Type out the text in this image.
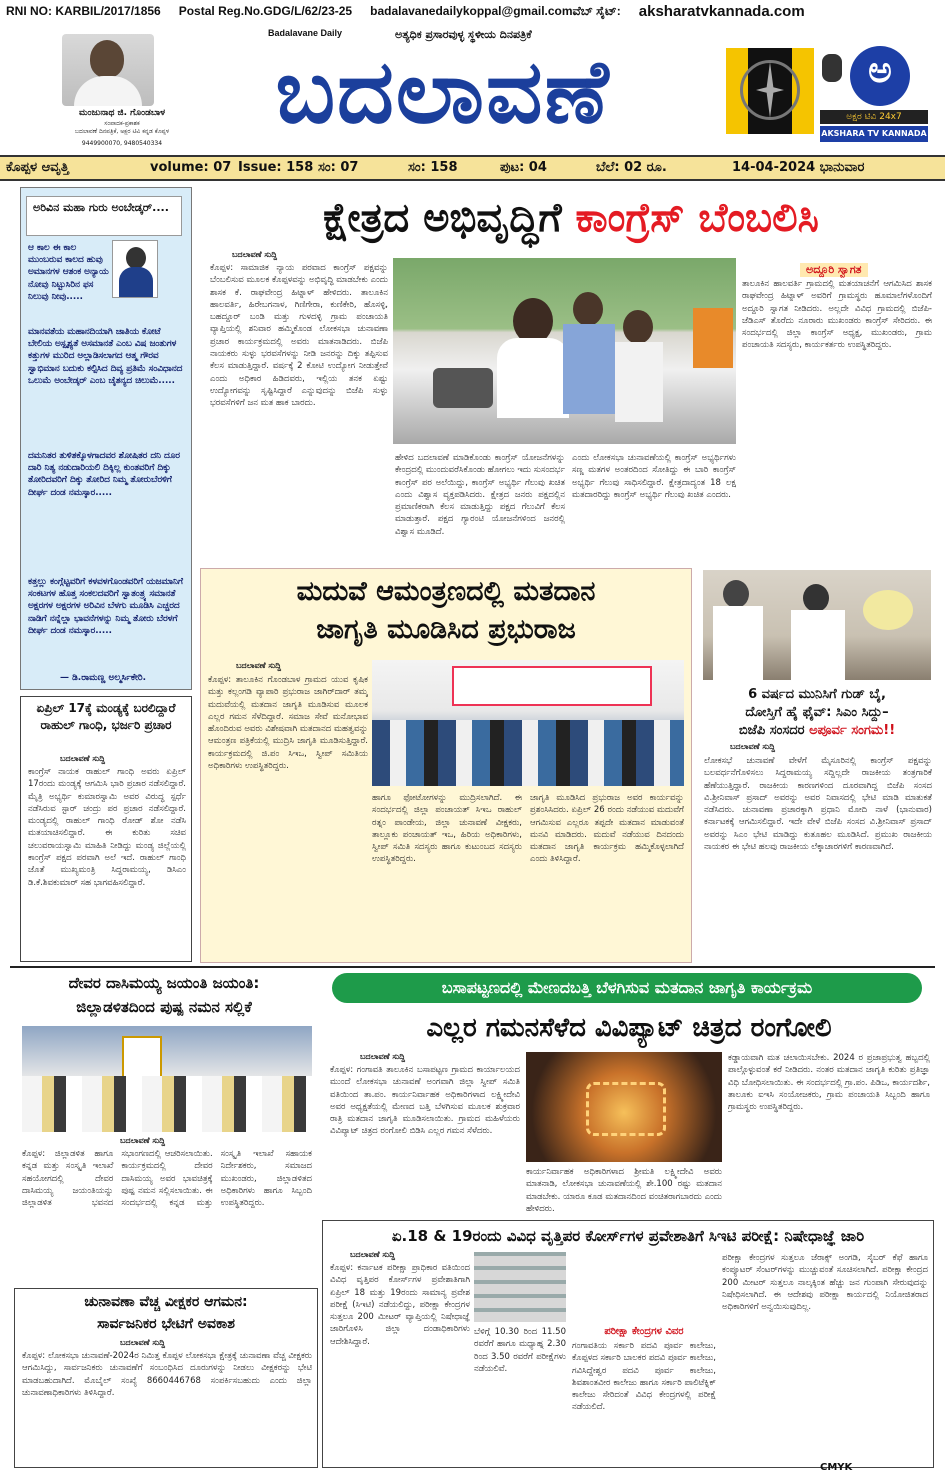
RNI NO: KARBIL/2017/1856 Postal Reg.No.GDG/L/62/23-25 badalavanedailykoppal@gmail.comವೆಬ್ ಸೈಟ್: aksharatvkannada.com
ಮಂಜುನಾಥ ಜಿ. ಗೊಂಡಬಾಳ
ಸಂಪಾದಕ-ಪ್ರಕಾಶಕ
ಬದಲಾವಣೆ ದಿನಪತ್ರಿಕೆ, ಅಕ್ಷರ ಟಿವಿ ಕನ್ನಡ ಕೊಪ್ಪಳ
9449900070, 9480540334
Badalavane Daily	ಅತ್ಯಧಿಕ ಪ್ರಸಾರವುಳ್ಳ ಸ್ಥಳೀಯ ದಿನಪತ್ರಿಕೆ
ಬದಲಾವಣೆ	ಅ
ಅಕ್ಷರ ಟಿವಿ 24x7
AKSHARA TV KANNADA
ಕೊಪ್ಪಳ ಆವೃತ್ತಿ	volume: 07 Issue: 158 ಸಂ: 07	ಸಂ: 158	ಪುಟ: 04	ಬೆಲೆ: 02 ರೂ.	14-04-2024 ಭಾನುವಾರ
ಅರಿವಿನ ಮಹಾ ಗುರು ಅಂಬೇಡ್ಕರ್....
ಆ ಕಾಲ ಈ ಕಾಲ ಮುಂಬರುವ ಕಾಲದ ಹುವು ಅಮಾನಗಳ ಆತಂಕ ಅನ್ಯಾಯ ನೋವು ನಿಟ್ಟುಸಿರಿನ ಫಸ ನಿಲುವು ನೀವು.....
ಮಾನವತೆಯ ಮಹಾನದಿಯಾಗಿ ಜಾತಿಯ ಕೋಟೆ ಬೇಲಿಯ ಅಸ್ಪೃಶ್ಯತೆ ಅಸಮಾನತೆ ಎಂಬ ವಿಷ ಜಂತುಗಳ ಕತ್ತುಗಳ ಮುರಿದ ಅಲ್ಲಾಡಿಸಲಾಗದ ಆತ್ಮ ಗೌರವ ಸ್ವಾಭಿಮಾನ ಬದುಕು ಕಲ್ಪಿಸಿದ ದಿವ್ಯ ಪ್ರತಿಮೆ ಸಂವಿಧಾನದ ಒಲುಮೆ ಅಂಬೇಡ್ಕರ್ ಎಂಬ ಚೈತನ್ಯದ ಚಿಲುಮೆ.....
ದಮನಿತರ ತುಳಿತಕ್ಕೊಳಗಾದವರ ಶೋಷಿತರ ದನಿ ದೂರ ದಾರಿ ನಿತ್ಯ ನಡುದಾರಿಯಲಿ ದಿಕ್ಕಿಲ್ಲ ಕುಂತವರಿಗೆ ದಿಕ್ಕು ತೋರಿದವರಿಗೆ ದಿಕ್ಕು ತೋರಿದ ನಿಮ್ಮ ತೋರುಬೆರಳಿಗೆ ದೀರ್ಘ ದಂಡ ನಮಸ್ಕಾರ.....
ಕತ್ತಲ್ಲು ಕಂಗ್ಗೆಟ್ಟವರಿಗೆ ಕಳವಳಗೊಂಡವರಿಗೆ ಯಜಮಾನಿಗೆ ಸಂಕಟಗಳ ಹೊತ್ತ ಸಂಕಲದವರಿಗೆ ಸ್ವಾತಂತ್ರ್ಯ ಸಮಾನತೆ ಅಕ್ಷರಗಳ ಅಕ್ಷರಗಳ ಅರಿವಿನ ಬೆಳಗು ಮೂಡಿಸಿ ಎಚ್ಚರದ ನಾಡಿಗೆ ನನ್ನೆಲ್ಲಾ ಭಾವನೆಗಳನ್ನು ನಿಮ್ಮ ತೋರು ಬೆರಳಗೆ ದೀರ್ಘ ದಂಡ ನಮಸ್ಕಾರ.....
— ಡಿ.ರಾಮಣ್ಣ ಅಲ್ಮರ್ಸಿಕೇರಿ.
ಕ್ಷೇತ್ರದ ಅಭಿವೃದ್ಧಿಗೆ ಕಾಂಗ್ರೆಸ್ ಬೆಂಬಲಿಸಿ
ಬದಲಾವಣೆ ಸುದ್ದಿ
ಕೊಪ್ಪಳ: ಸಾಮಾಜಿಕ ನ್ಯಾಯ ಪರವಾದ ಕಾಂಗ್ರೆಸ್ ಪಕ್ಷವನ್ನು ಬೆಂಬಲಿಸುವ ಮೂಲಕ ಕೊಪ್ಪಳವನ್ನು ಅಭಿವೃದ್ಧಿ ಮಾಡಬೇಕು ಎಂದು ಶಾಸಕ ಕೆ. ರಾಘವೇಂದ್ರ ಹಿಟ್ನಾಳ್ ಹೇಳಿದರು. ತಾಲೂಕಿನ ಹಾಲವರ್ತಿ, ಹಿರೇಬಗನಾಳ, ಗಿಣಿಗೇರಾ, ಕುಣಿಕೇರಿ, ಹೊಸಳ್ಳಿ, ಬಹದ್ದೂರ್ ಬಂಡಿ ಮತ್ತು ಗುಳದಳ್ಳಿ ಗ್ರಾಮ ಪಂಚಾಯತಿ ವ್ಯಾಪ್ತಿಯಲ್ಲಿ ಶನಿವಾರ ಹಮ್ಮಿಕೊಂಡ ಲೋಕಸಭಾ ಚುನಾವಣಾ ಪ್ರಚಾರ ಕಾರ್ಯಕ್ರಮದಲ್ಲಿ ಅವರು ಮಾತನಾಡಿದರು. ಬಿಜೆಪಿ ನಾಯಕರು ಸುಳ್ಳು ಭರವಸೆಗಳನ್ನು ನೀಡಿ ಜನರನ್ನು ದಿಕ್ಕು ತಪ್ಪಿಸುವ ಕೆಲಸ ಮಾಡುತ್ತಿದ್ದಾರೆ. ವರ್ಷಕ್ಕೆ 2 ಕೋಟಿ ಉದ್ಯೋಗ ನೀಡುತ್ತೇವೆ ಎಂದು ಅಧಿಕಾರ ಹಿಡಿದವರು, ಇಲ್ಲಿಯ ತನಕ ಏಷ್ಟು ಉದ್ಯೋಗವನ್ನು ಸೃಷ್ಟಿಸಿದ್ದಾರೆ ಎನ್ನುವುದನ್ನು ಬಿಜೆಪಿ ಸುಳ್ಳು ಭರವಸೆಗಳಿಗೆ ಜನ ಮತ ಹಾಕ ಬಾರದು.
ಹೇಳಿದ ಬದಲಾವಣೆ ಮಾಡಿಕೊಂಡು ಕಾಂಗ್ರೆಸ್ ಯೋಜನೆಗಳನ್ನು ಕೇಂದ್ರದಲ್ಲಿ ಮುಂದುವರೆಸಿಕೊಂಡು ಹೋಗಲು ಇದು ಸುಸಂದರ್ಭ ಕಾಂಗ್ರೆಸ್ ಪರ ಅಲೆಯಿದ್ದು, ಕಾಂಗ್ರೆಸ್ ಅಭ್ಯರ್ಥಿ ಗೆಲುವು ಖಚಿತ ಎಂದು ವಿಶ್ವಾಸ ವ್ಯಕ್ತಪಡಿಸಿದರು. ಕ್ಷೇತ್ರದ ಜನರು ಪಕ್ಷದಲ್ಲಿನ ಪ್ರಮಾಣಿಕರಾಗಿ ಕೆಲಸ ಮಾಡುತ್ತಿದ್ದು ಪಕ್ಷದ ಗೆಲುವಿಗೆ ಕೆಲಸ ಮಾಡುತ್ತಾರೆ. ಪಕ್ಷದ ಗ್ಯಾರಂಟಿ ಯೋಜನೆಗಳಿಂದ ಜನರಲ್ಲಿ ವಿಶ್ವಾಸ ಮೂಡಿದೆ.
ಎಂದು ಲೋಕಸಭಾ ಚುನಾವಣೆಯಲ್ಲಿ ಕಾಂಗ್ರೆಸ್ ಅಭ್ಯರ್ಥಿಗಳು ಸಣ್ಣ ಮತಗಳ ಅಂತರದಿಂದ ಸೋತಿದ್ದು ಈ ಬಾರಿ ಕಾಂಗ್ರೆಸ್ ಅಭ್ಯರ್ಥಿ ಗೆಲುವು ಸಾಧಿಸಲಿದ್ದಾರೆ. ಕ್ಷೇತ್ರದಾದ್ಯಂತ 18 ಲಕ್ಷ ಮತದಾರರಿದ್ದು ಕಾಂಗ್ರೆಸ್ ಅಭ್ಯರ್ಥಿ ಗೆಲುವು ಖಚಿತ ಎಂದರು.
ಅದ್ದೂರಿ ಸ್ವಾಗತ
ತಾಲೂಕಿನ ಹಾಲವರ್ತಿ ಗ್ರಾಮದಲ್ಲಿ ಮತಯಾಚನೆಗೆ ಆಗಮಿಸಿದ ಶಾಸಕ ರಾಘವೇಂದ್ರ ಹಿಟ್ನಾಳ್ ಅವರಿಗೆ ಗ್ರಾಮಸ್ಥರು ಹೂಮಾಲೆಗಳೊಂದಿಗೆ ಅದ್ದೂರಿ ಸ್ವಾಗತ ನೀಡಿದರು. ಅಲ್ಲದೇ ವಿವಿಧ ಗ್ರಾಮದಲ್ಲಿ ಬಿಜೆಪಿ-ಜೆಡಿಎಸ್ ತೊರೆದು ನೂರಾರು ಮುಖಂಡರು ಕಾಂಗ್ರೆಸ್ ಸೇರಿದರು. ಈ ಸಂದರ್ಭದಲ್ಲಿ ಜಿಲ್ಲಾ ಕಾಂಗ್ರೆಸ್ ಅಧ್ಯಕ್ಷ, ಮುಖಂಡರು, ಗ್ರಾಮ ಪಂಚಾಯತಿ ಸದಸ್ಯರು, ಕಾರ್ಯಕರ್ತರು ಉಪಸ್ಥಿತರಿದ್ದರು.
ಮದುವೆ ಆಮಂತ್ರಣದಲ್ಲಿ ಮತದಾನ
ಜಾಗೃತಿ ಮೂಡಿಸಿದ ಪ್ರಭುರಾಜ
ಬದಲಾವಣೆ ಸುದ್ದಿ
ಕೊಪ್ಪಳ: ತಾಲೂಕಿನ ಗೊಂಡಬಾಳ ಗ್ರಾಮದ ಯುವ ಕೃಷಿಕ ಮತ್ತು ಕಲ್ಲಂಗಡಿ ವ್ಯಾಪಾರಿ ಪ್ರಭುರಾಜ ಜಾಗಿರ್‌ದಾರ್ ತಮ್ಮ ಮದುವೆಯಲ್ಲಿ ಮತದಾನ ಜಾಗೃತಿ ಮೂಡಿಸುವ ಮೂಲಕ ಎಲ್ಲರ ಗಮನ ಸೆಳೆದಿದ್ದಾರೆ. ಸಮಾಜ ಸೇವೆ ಮನೋಭಾವ ಹೊಂದಿರುವ ಅವರು ವಿಶೇಷವಾಗಿ ಮತದಾನದ ಮಹತ್ವವನ್ನು ಆಮಂತ್ರಣ ಪತ್ರಿಕೆಯಲ್ಲಿ ಮುದ್ರಿಸಿ ಜಾಗೃತಿ ಮೂಡಿಸುತ್ತಿದ್ದಾರೆ. ಕಾರ್ಯಕ್ರಮದಲ್ಲಿ ಜಿ.ಪಂ ಸಿಇಒ, ಸ್ವೀಪ್ ಸಮಿತಿಯ ಅಧಿಕಾರಿಗಳು ಉಪಸ್ಥಿತರಿದ್ದರು.
ಹಾಗೂ ಫೋಟೋಗಳನ್ನು ಮುದ್ರಿಸಲಾಗಿದೆ. ಈ ಸಂದರ್ಭದಲ್ಲಿ ಜಿಲ್ಲಾ ಪಂಚಾಯತ್ ಸಿಇಒ ರಾಹುಲ್ ರತ್ನಂ ಪಾಂಡೇಯ, ಜಿಲ್ಲಾ ಚುನಾವಣೆ ವೀಕ್ಷಕರು, ತಾಲ್ಲೂಕು ಪಂಚಾಯತ್ ಇಒ, ಹಿರಿಯ ಅಧಿಕಾರಿಗಳು, ಸ್ವೀಪ್ ಸಮಿತಿ ಸದಸ್ಯರು ಹಾಗೂ ಕುಟುಂಬದ ಸದಸ್ಯರು ಉಪಸ್ಥಿತರಿದ್ದರು.
ಜಾಗೃತಿ ಮೂಡಿಸಿದ ಪ್ರಭುರಾಜ ಅವರ ಕಾರ್ಯವನ್ನು ಪ್ರಶಂಸಿಸಿದರು. ಏಪ್ರಿಲ್ 26 ರಂದು ನಡೆಯುವ ಮದುವೆಗೆ ಆಗಮಿಸುವ ಎಲ್ಲರೂ ತಪ್ಪದೇ ಮತದಾನ ಮಾಡುವಂತೆ ಮನವಿ ಮಾಡಿದರು. ಮದುವೆ ನಡೆಯುವ ದಿನದಂದು ಮತದಾನ ಜಾಗೃತಿ ಕಾರ್ಯಕ್ರಮ ಹಮ್ಮಿಕೊಳ್ಳಲಾಗಿದೆ ಎಂದು ತಿಳಿಸಿದ್ದಾರೆ.
6 ವರ್ಷದ ಮುನಿಸಿಗೆ ಗುಡ್ ಬೈ,
ದೋಸ್ತಿಗೆ ಹೈ ಫೈವ್: ಸಿಎಂ ಸಿದ್ದು–
ಬಿಜೆಪಿ ಸಂಸದರ ಅಪೂರ್ವ ಸಂಗಮ!!
ಬದಲಾವಣೆ ಸುದ್ದಿ
ಲೋಕಸಭೆ ಚುನಾವಣೆ ವೇಳೆಗೆ ಮೈಸೂರಿನಲ್ಲಿ ಕಾಂಗ್ರೆಸ್ ಪಕ್ಷವನ್ನು ಬಲವರ್ಧನೆಗೊಳಿಸಲು ಸಿದ್ದರಾಮಯ್ಯ ಸದ್ದಿಲ್ಲದೇ ರಾಜಕೀಯ ತಂತ್ರಗಾರಿಕೆ ಹೆಣೆಯುತ್ತಿದ್ದಾರೆ. ರಾಜಕೀಯ ಕಾರಣಗಳಿಂದ ದೂರವಾಗಿದ್ದ ಬಿಜೆಪಿ ಸಂಸದ ವಿ.ಶ್ರೀನಿವಾಸ್ ಪ್ರಸಾದ್ ಅವರನ್ನು ಅವರ ನಿವಾಸದಲ್ಲಿ ಭೇಟಿ ಮಾಡಿ ಮಾತುಕತೆ ನಡೆಸಿದರು. ಚುನಾವಣಾ ಪ್ರಚಾರಕ್ಕಾಗಿ ಪ್ರಧಾನಿ ಮೋದಿ ನಾಳೆ (ಭಾನುವಾರ) ಕರ್ನಾಟಕಕ್ಕೆ ಆಗಮಿಸಲಿದ್ದಾರೆ. ಇದೇ ವೇಳೆ ಬಿಜೆಪಿ ಸಂಸದ ವಿ.ಶ್ರೀನಿವಾಸ್ ಪ್ರಸಾದ್ ಅವರನ್ನು ಸಿಎಂ ಭೇಟಿ ಮಾಡಿದ್ದು ಕುತೂಹಲ ಮೂಡಿಸಿದೆ. ಪ್ರಮುಖ ರಾಜಕೀಯ ನಾಯಕರ ಈ ಭೇಟಿ ಹಲವು ರಾಜಕೀಯ ಲೆಕ್ಕಾಚಾರಗಳಿಗೆ ಕಾರಣವಾಗಿದೆ.
ಏಪ್ರಿಲ್ 17ಕ್ಕೆ ಮಂಡ್ಯಕ್ಕೆ ಬರಲಿದ್ದಾರೆ ರಾಹುಲ್ ಗಾಂಧಿ, ಭರ್ಜರಿ ಪ್ರಚಾರ
ಬದಲಾವಣೆ ಸುದ್ದಿ
ಕಾಂಗ್ರೆಸ್ ನಾಯಕ ರಾಹುಲ್ ಗಾಂಧಿ ಅವರು ಏಪ್ರಿಲ್ 17ರಂದು ಮಂಡ್ಯಕ್ಕೆ ಆಗಮಿಸಿ ಭಾರಿ ಪ್ರಚಾರ ನಡೆಸಲಿದ್ದಾರೆ. ಮೈತ್ರಿ ಅಭ್ಯರ್ಥಿ ಕುಮಾರಸ್ವಾಮಿ ಅವರ ವಿರುದ್ಧ ಸ್ಪರ್ಧೆ ನಡೆಸಿರುವ ಸ್ಟಾರ್ ಚಂದ್ರು ಪರ ಪ್ರಚಾರ ನಡೆಸಲಿದ್ದಾರೆ. ಮಂಡ್ಯದಲ್ಲಿ ರಾಹುಲ್ ಗಾಂಧಿ ರೋಡ್ ಶೋ ನಡೆಸಿ ಮತಯಾಚಿಸಲಿದ್ದಾರೆ. ಈ ಕುರಿತು ಸಚಿವ ಚಲುವರಾಯಸ್ವಾಮಿ ಮಾಹಿತಿ ನೀಡಿದ್ದು ಮಂಡ್ಯ ಜಿಲ್ಲೆಯಲ್ಲಿ ಕಾಂಗ್ರೆಸ್ ಪಕ್ಷದ ಪರವಾಗಿ ಅಲೆ ಇದೆ. ರಾಹುಲ್ ಗಾಂಧಿ ಜೊತೆ ಮುಖ್ಯಮಂತ್ರಿ ಸಿದ್ದರಾಮಯ್ಯ, ಡಿಸಿಎಂ ಡಿ.ಕೆ.ಶಿವಕುಮಾರ್ ಸಹ ಭಾಗವಹಿಸಲಿದ್ದಾರೆ.
ದೇವರ ದಾಸಿಮಯ್ಯ ಜಯಂತಿ ಜಯಂತಿ:
ಜಿಲ್ಲಾಡಳಿತದಿಂದ ಪುಷ್ಪ ನಮನ ಸಲ್ಲಿಕೆ
ಬದಲಾವಣೆ ಸುದ್ದಿ
ಕೊಪ್ಪಳ: ಜಿಲ್ಲಾಡಳಿತ ಹಾಗೂ ಕನ್ನಡ ಮತ್ತು ಸಂಸ್ಕೃತಿ ಇಲಾಖೆ ಸಹಯೋಗದಲ್ಲಿ ದೇವರ ದಾಸಿಮಯ್ಯ ಜಯಂತಿಯನ್ನು ಜಿಲ್ಲಾಡಳಿತ ಭವನದ ಸಭಾಂಗಣದಲ್ಲಿ ಆಚರಿಸಲಾಯಿತು. ಕಾರ್ಯಕ್ರಮದಲ್ಲಿ ದೇವರ ದಾಸಿಮಯ್ಯ ಅವರ ಭಾವಚಿತ್ರಕ್ಕೆ ಪುಷ್ಪ ನಮನ ಸಲ್ಲಿಸಲಾಯಿತು. ಈ ಸಂದರ್ಭದಲ್ಲಿ ಕನ್ನಡ ಮತ್ತು ಸಂಸ್ಕೃತಿ ಇಲಾಖೆ ಸಹಾಯಕ ನಿರ್ದೇಶಕರು, ಸಮಾಜದ ಮುಖಂಡರು, ಜಿಲ್ಲಾಡಳಿತದ ಅಧಿಕಾರಿಗಳು ಹಾಗೂ ಸಿಬ್ಬಂದಿ ಉಪಸ್ಥಿತರಿದ್ದರು.
ಚುನಾವಣಾ ವೆಚ್ಚ ವೀಕ್ಷಕರ ಆಗಮನ:
ಸಾರ್ವಜನಿಕರ ಭೇಟಿಗೆ ಅವಕಾಶ
ಬದಲಾವಣೆ ಸುದ್ದಿ
ಕೊಪ್ಪಳ: ಲೋಕಸಭಾ ಚುನಾವಣೆ-2024ರ ನಿಮಿತ್ತ ಕೊಪ್ಪಳ ಲೋಕಸಭಾ ಕ್ಷೇತ್ರಕ್ಕೆ ಚುನಾವಣಾ ವೆಚ್ಚ ವೀಕ್ಷಕರು ಆಗಮಿಸಿದ್ದು, ಸಾರ್ವಜನಿಕರು ಚುನಾವಣೆಗೆ ಸಂಬಂಧಿಸಿದ ದೂರುಗಳನ್ನು ನೀಡಲು ವೀಕ್ಷಕರನ್ನು ಭೇಟಿ ಮಾಡಬಹುದಾಗಿದೆ. ಮೊಬೈಲ್ ಸಂಖ್ಯೆ 8660446768 ಸಂಪರ್ಕಿಸಬಹುದು ಎಂದು ಜಿಲ್ಲಾ ಚುನಾವಣಾಧಿಕಾರಿಗಳು ತಿಳಿಸಿದ್ದಾರೆ.
ಬಸಾಪಟ್ಟಣದಲ್ಲಿ ಮೇಣದಬತ್ತಿ ಬೆಳಗಿಸುವ ಮತದಾನ ಜಾಗೃತಿ ಕಾರ್ಯಕ್ರಮ
ಎಲ್ಲರ ಗಮನಸೆಳೆದ ವಿವಿಪ್ಯಾಟ್ ಚಿತ್ರದ ರಂಗೋಲಿ
ಬದಲಾವಣೆ ಸುದ್ದಿ
ಕೊಪ್ಪಳ: ಗಂಗಾವತಿ ತಾಲೂಕಿನ ಬಸಾಪಟ್ಟಣ ಗ್ರಾಮದ ಕಾರ್ಯಾಲಯದ ಮುಂದೆ ಲೋಕಸಭಾ ಚುನಾವಣೆ ಅಂಗವಾಗಿ ಜಿಲ್ಲಾ ಸ್ವೀಪ್ ಸಮಿತಿ ವತಿಯಿಂದ ತಾ.ಪಂ. ಕಾರ್ಯನಿರ್ವಾಹಕ ಅಧಿಕಾರಿಗಳಾದ ಲಕ್ಷ್ಮೀದೇವಿ ಅವರ ಅಧ್ಯಕ್ಷತೆಯಲ್ಲಿ ಮೇಣದ ಬತ್ತಿ ಬೆಳಗಿಸುವ ಮೂಲಕ ಶುಕ್ರವಾರ ರಾತ್ರಿ ಮತದಾನ ಜಾಗೃತಿ ಮೂಡಿಸಲಾಯಿತು. ಗ್ರಾಮದ ಮಹಿಳೆಯರು ವಿವಿಪ್ಯಾಟ್ ಚಿತ್ರದ ರಂಗೋಲಿ ಬಿಡಿಸಿ ಎಲ್ಲರ ಗಮನ ಸೆಳೆದರು.
ಕಾರ್ಯನಿರ್ವಾಹಕ ಅಧಿಕಾರಿಗಳಾದ ಶ್ರೀಮತಿ ಲಕ್ಷ್ಮೀದೇವಿ ಅವರು ಮಾತನಾಡಿ, ಲೋಕಸಭಾ ಚುನಾವಣೆಯಲ್ಲಿ ಶೇ.100 ರಷ್ಟು ಮತದಾನ ಮಾಡಬೇಕು. ಯಾರೂ ಕೂಡ ಮತದಾನದಿಂದ ವಂಚಿತರಾಗಬಾರದು ಎಂದು ಹೇಳಿದರು.
ಕಡ್ಡಾಯವಾಗಿ ಮತ ಚಲಾಯಿಸಬೇಕು. 2024 ರ ಪ್ರಜಾಪ್ರಭುತ್ವ ಹಬ್ಬದಲ್ಲಿ ಪಾಲ್ಗೊಳ್ಳುವಂತೆ ಕರೆ ನೀಡಿದರು. ನಂತರ ಮತದಾನ ಜಾಗೃತಿ ಕುರಿತು ಪ್ರತಿಜ್ಞಾ ವಿಧಿ ಬೋಧಿಸಲಾಯಿತು. ಈ ಸಂದರ್ಭದಲ್ಲಿ ಗ್ರಾ.ಪಂ. ಪಿಡಿಒ, ಕಾರ್ಯದರ್ಶಿ, ತಾಲೂಕು ಐಇಸಿ ಸಂಯೋಜಕರು, ಗ್ರಾಮ ಪಂಚಾಯತಿ ಸಿಬ್ಬಂದಿ ಹಾಗೂ ಗ್ರಾಮಸ್ಥರು ಉಪಸ್ಥಿತರಿದ್ದರು.
ಏ.18 & 19ರಂದು ವಿವಿಧ ವೃತ್ತಿಪರ ಕೋರ್ಸ್‌ಗಳ ಪ್ರವೇಶಾತಿಗೆ ಸಿಇಟಿ ಪರೀಕ್ಷೆ: ನಿಷೇಧಾಜ್ಞೆ ಜಾರಿ
ಬದಲಾವಣೆ ಸುದ್ದಿ
ಕೊಪ್ಪಳ: ಕರ್ನಾಟಕ ಪರೀಕ್ಷಾ ಪ್ರಾಧಿಕಾರ ವತಿಯಿಂದ ವಿವಿಧ ವೃತ್ತಿಪರ ಕೋರ್ಸ್‌ಗಳ ಪ್ರವೇಶಾತಿಗಾಗಿ ಏಪ್ರಿಲ್ 18 ಮತ್ತು 19ರಂದು ಸಾಮಾನ್ಯ ಪ್ರವೇಶ ಪರೀಕ್ಷೆ (ಸಿಇಟಿ) ನಡೆಯಲಿದ್ದು, ಪರೀಕ್ಷಾ ಕೇಂದ್ರಗಳ ಸುತ್ತಲೂ 200 ಮೀಟರ್ ವ್ಯಾಪ್ತಿಯಲ್ಲಿ ನಿಷೇಧಾಜ್ಞೆ ಜಾರಿಗೊಳಿಸಿ ಜಿಲ್ಲಾ ದಂಡಾಧಿಕಾರಿಗಳು ಆದೇಶಿಸಿದ್ದಾರೆ.
ಬೆಳಿಗ್ಗೆ 10.30 ರಿಂದ 11.50 ರವರೆಗೆ ಹಾಗೂ ಮಧ್ಯಾಹ್ನ 2.30 ರಿಂದ 3.50 ರವರೆಗೆ ಪರೀಕ್ಷೆಗಳು ನಡೆಯಲಿವೆ.
ಪರೀಕ್ಷಾ ಕೇಂದ್ರಗಳ ವಿವರ
ಗಂಗಾವತಿಯ ಸರ್ಕಾರಿ ಪದವಿ ಪೂರ್ವ ಕಾಲೇಜು, ಕೊಪ್ಪಳದ ಸರ್ಕಾರಿ ಬಾಲಕರ ಪದವಿ ಪೂರ್ವ ಕಾಲೇಜು, ಗವಿಸಿದ್ದೇಶ್ವರ ಪದವಿ ಪೂರ್ವ ಕಾಲೇಜು, ಶಿವಶಾಂತವೀರ ಕಾಲೇಜು ಹಾಗೂ ಸರ್ಕಾರಿ ಪಾಲಿಟೆಕ್ನಿಕ್ ಕಾಲೇಜು ಸೇರಿದಂತೆ ವಿವಿಧ ಕೇಂದ್ರಗಳಲ್ಲಿ ಪರೀಕ್ಷೆ ನಡೆಯಲಿದೆ.
ಪರೀಕ್ಷಾ ಕೇಂದ್ರಗಳ ಸುತ್ತಲೂ ಜೆರಾಕ್ಸ್ ಅಂಗಡಿ, ಸೈಬರ್ ಕೆಫೆ ಹಾಗೂ ಕಂಪ್ಯೂಟರ್ ಸೆಂಟರ್‌ಗಳನ್ನು ಮುಚ್ಚುವಂತೆ ಸೂಚಿಸಲಾಗಿದೆ. ಪರೀಕ್ಷಾ ಕೇಂದ್ರದ 200 ಮೀಟರ್ ಸುತ್ತಲೂ ನಾಲ್ಕಕ್ಕಿಂತ ಹೆಚ್ಚು ಜನ ಗುಂಪಾಗಿ ಸೇರುವುದನ್ನು ನಿಷೇಧಿಸಲಾಗಿದೆ. ಈ ಆದೇಶವು ಪರೀಕ್ಷಾ ಕಾರ್ಯದಲ್ಲಿ ನಿಯೋಜಿತರಾದ ಅಧಿಕಾರಿಗಳಿಗೆ ಅನ್ವಯಿಸುವುದಿಲ್ಲ.
CMYK
